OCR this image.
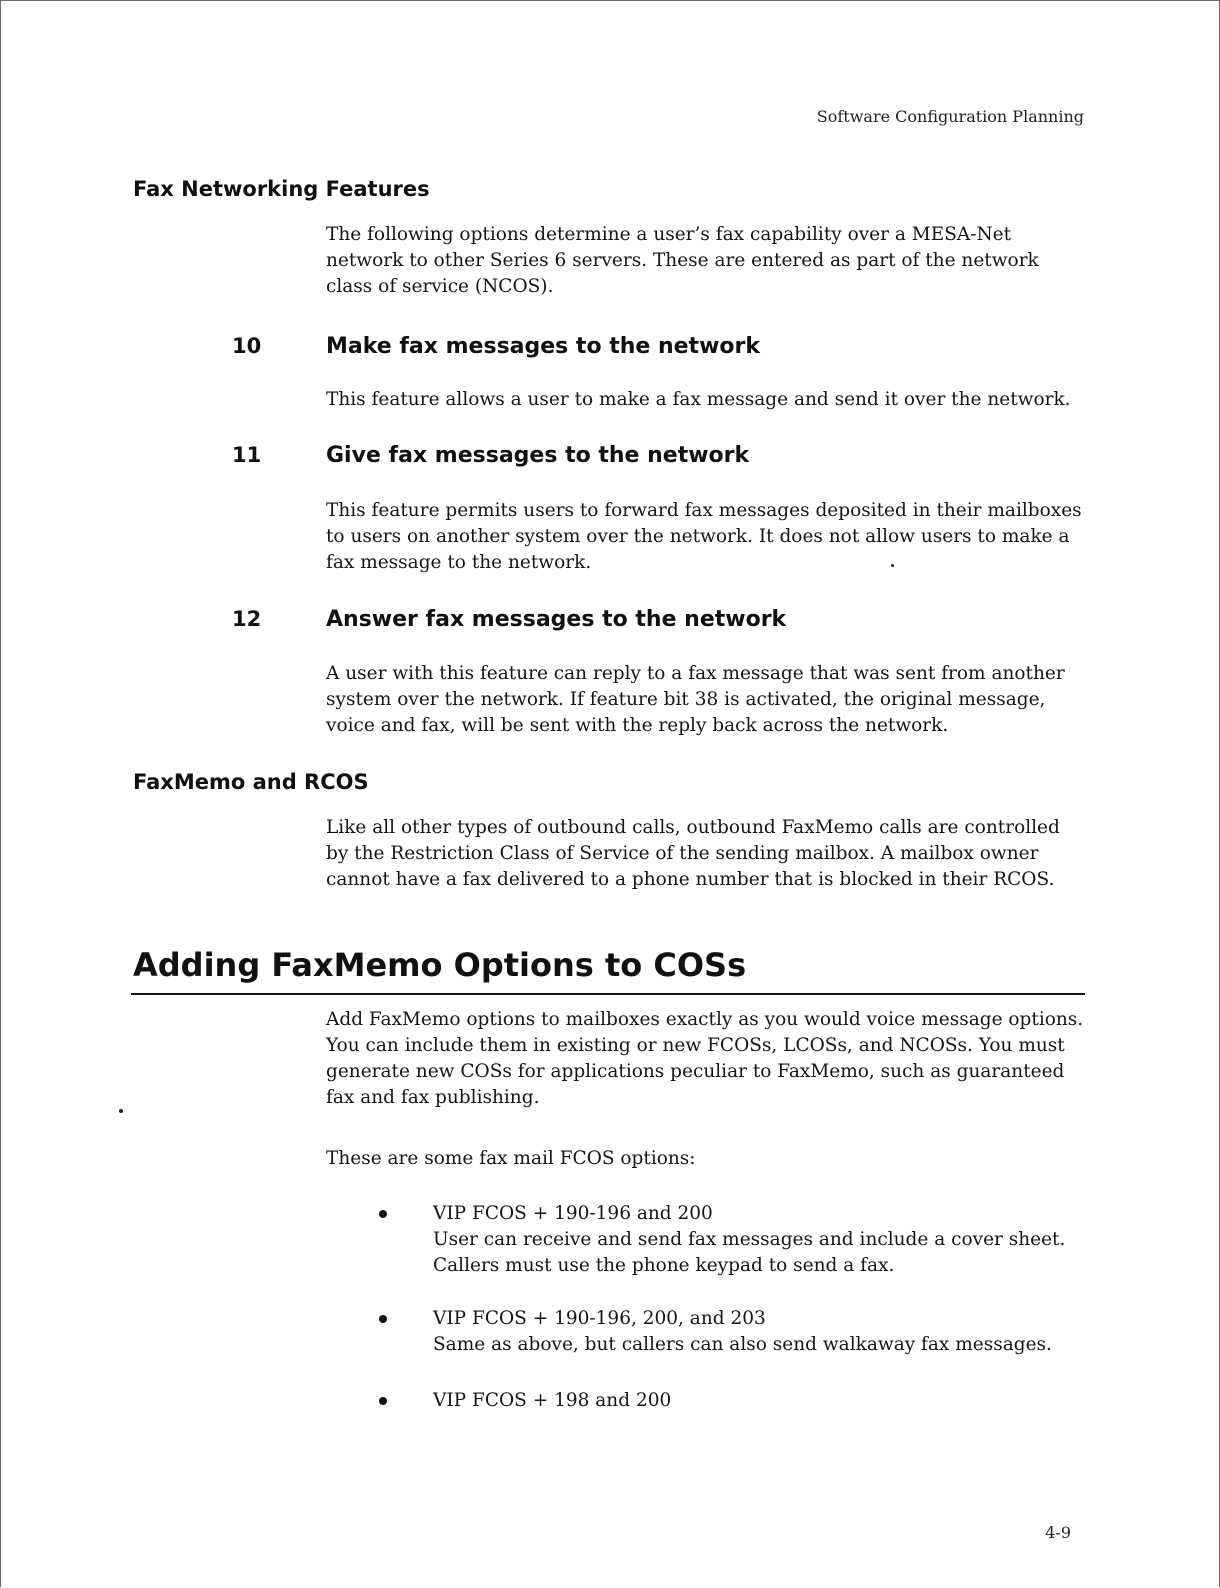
Software Configuration Planning
Fax Networking Features

The following options determine a user’s fax capability over a MESA-Net network to other Series 6 servers. These are entered as part of the network class of service (NCOS).

10	Make fax messages to the network

This feature allows a user to make a fax message and send it over the network.

11	Give fax messages to the network

This feature permits users to forward fax messages deposited in their mailboxes to users on another system over the network. It does not allow users to make a fax message to the network.

12	Answer fax messages to the network

A user with this feature can reply to a fax message that was sent from another system over the network. If feature bit 38 is activated, the original message, voice and fax, will be sent with the reply back across the network.

FaxMemo and RCOS

Like all other types of outbound calls, outbound FaxMemo calls are controlled by the Restriction Class of Service of the sending mailbox. A mailbox owner cannot have a fax delivered to a phone number that is blocked in their RCOS.

Adding FaxMemo Options to COSs

Add FaxMemo options to mailboxes exactly as you would voice message options. You can include them in existing or new FCOSs, LCOSs, and NCOSs. You must generate new COSs for applications peculiar to FaxMemo, such as guaranteed fax and fax publishing.

These are some fax mail FCOS options:

VIP FCOS + 190-196 and 200
User can receive and send fax messages and include a cover sheet. Callers must use the phone keypad to send a fax.

VIP FCOS + 190-196, 200, and 203
Same as above, but callers can also send walkaway fax messages.

VIP FCOS + 198 and 200

4-9
